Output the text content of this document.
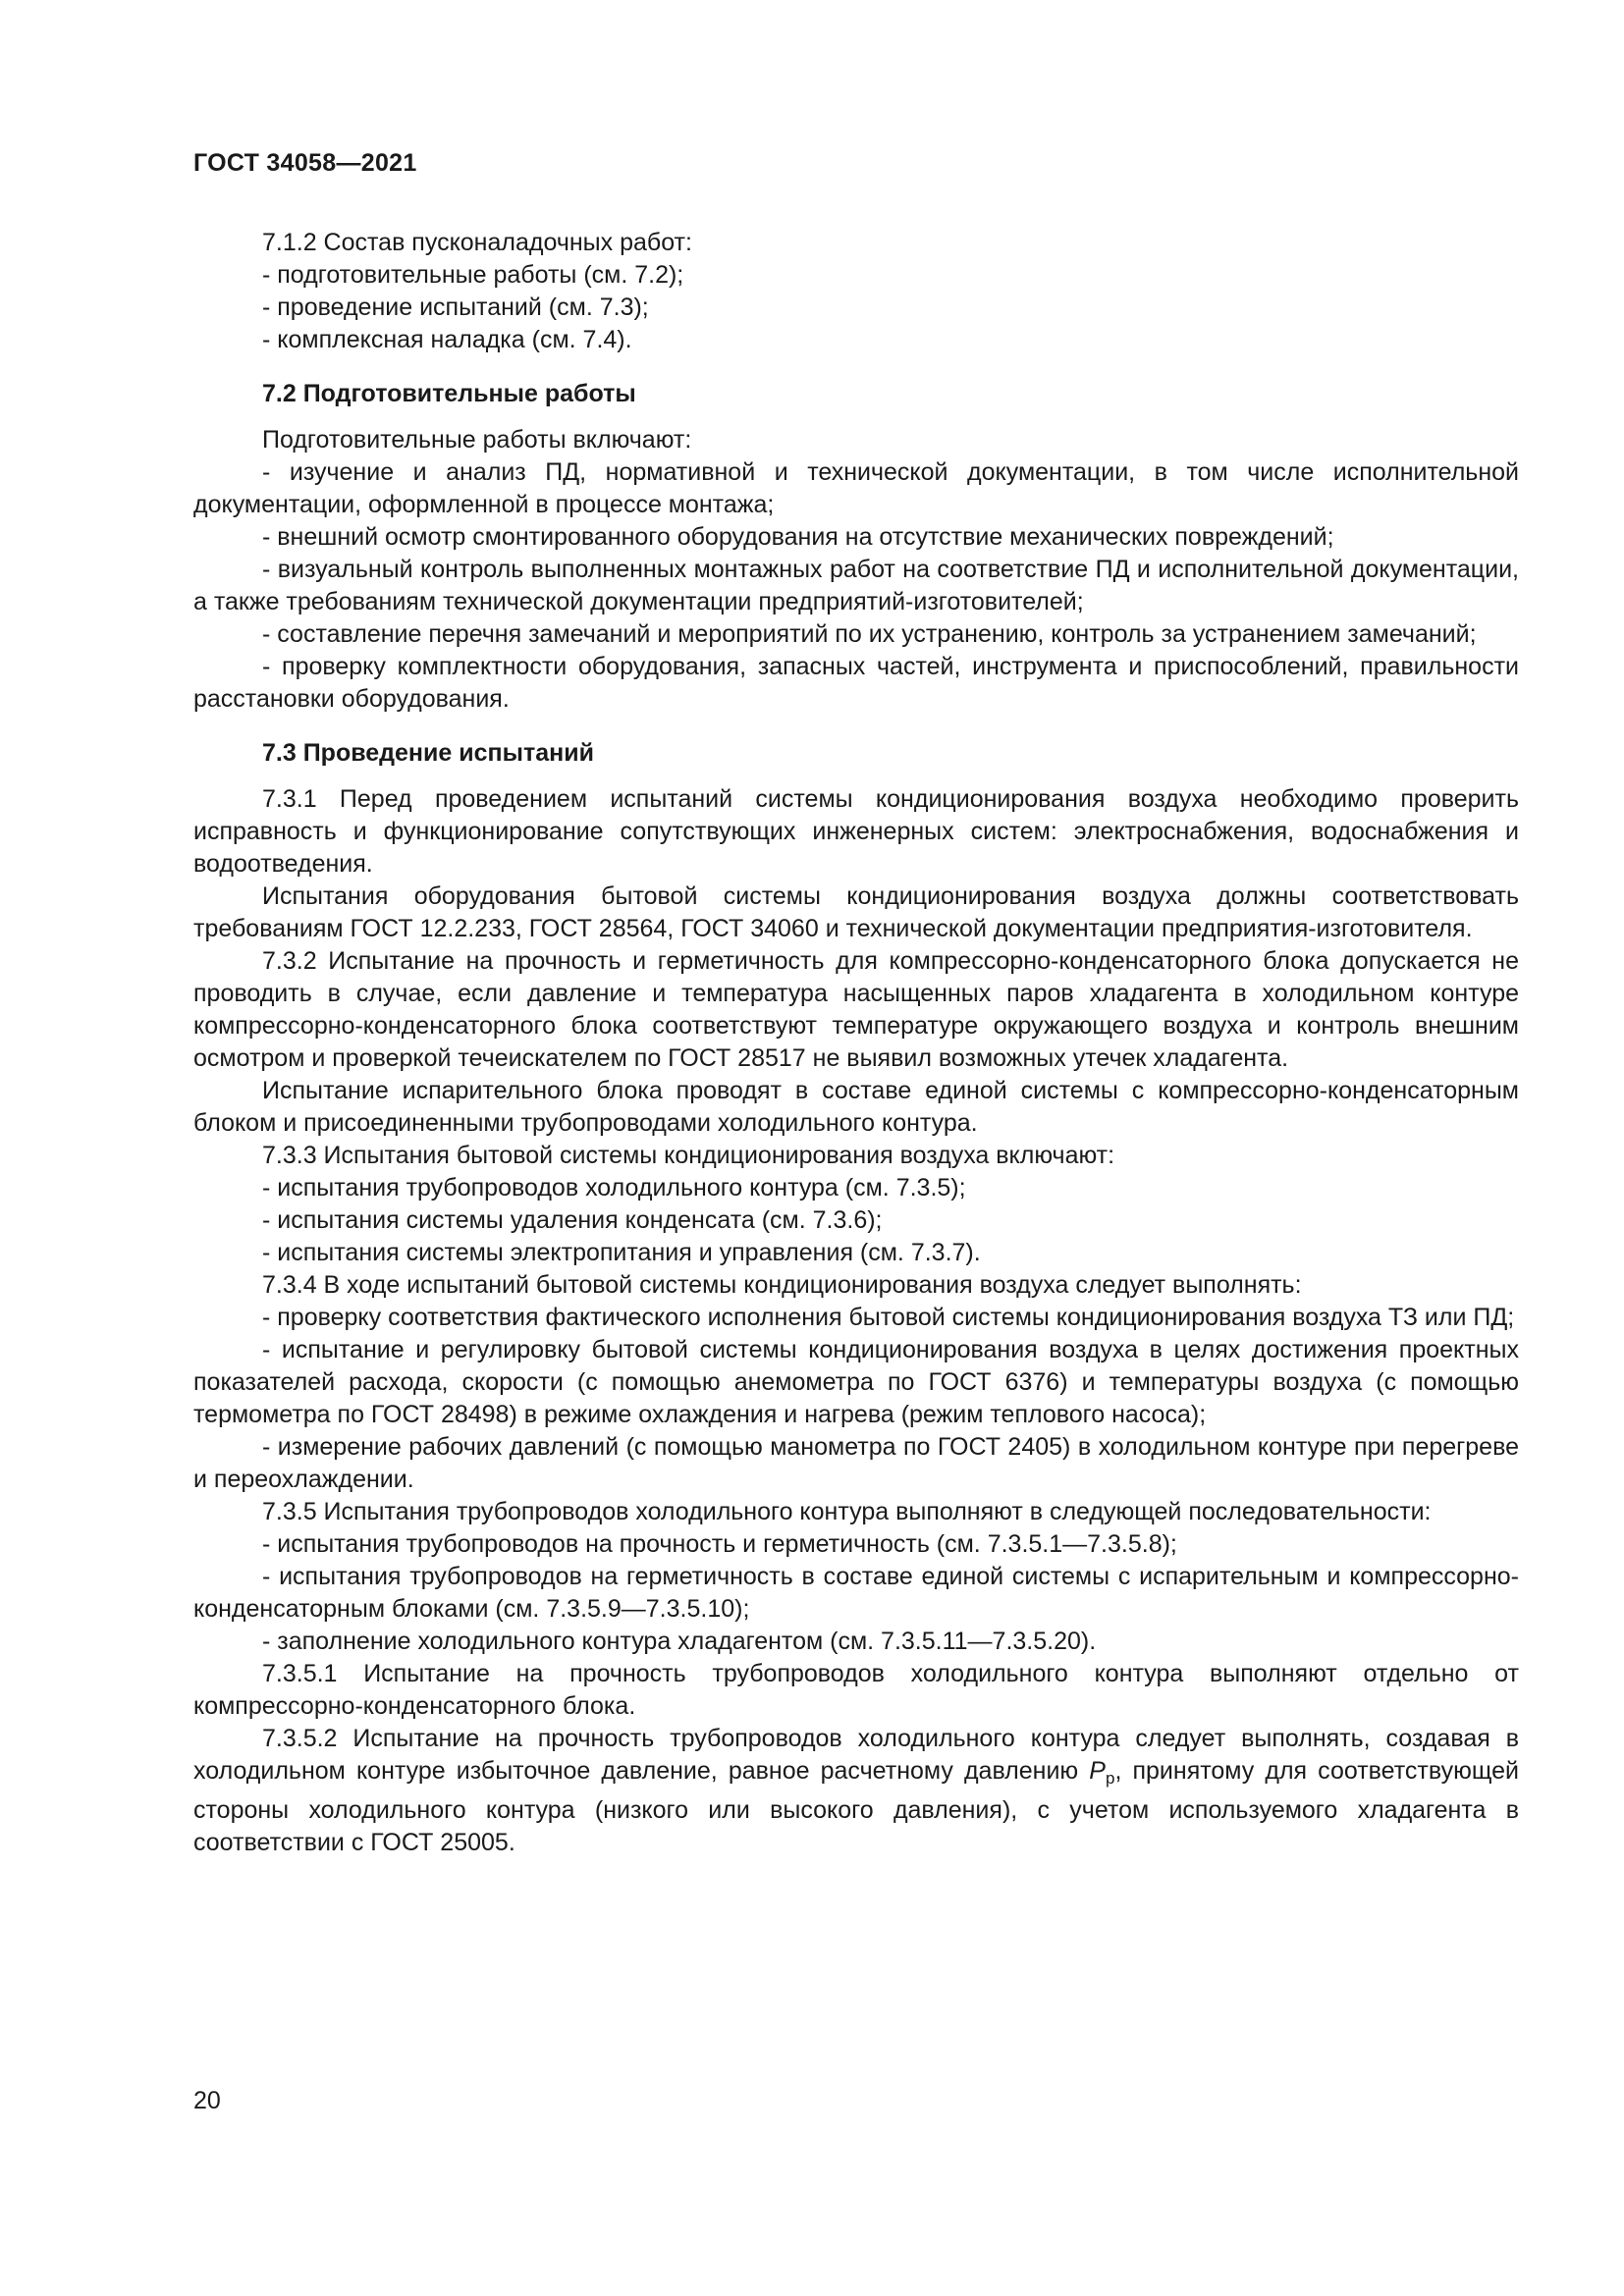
ГОСТ 34058—2021

7.1.2 Состав пусконаладочных работ:

- подготовительные работы (см. 7.2);

- проведение испытаний (см. 7.3);

- комплексная наладка (см. 7.4).

7.2 Подготовительные работы

Подготовительные работы включают:

- изучение и анализ ПД, нормативной и технической документации, в том числе исполнительной документации, оформленной в процессе монтажа;

- внешний осмотр смонтированного оборудования на отсутствие механических повреждений;

- визуальный контроль выполненных монтажных работ на соответствие ПД и исполнительной документации, а также требованиям технической документации предприятий-изготовителей;

- составление перечня замечаний и мероприятий по их устранению, контроль за устранением замечаний;

- проверку комплектности оборудования, запасных частей, инструмента и приспособлений, правильности расстановки оборудования.

7.3 Проведение испытаний

7.3.1 Перед проведением испытаний системы кондиционирования воздуха необходимо проверить исправность и функционирование сопутствующих инженерных систем: электроснабжения, водоснабжения и водоотведения.

Испытания оборудования бытовой системы кондиционирования воздуха должны соответствовать требованиям ГОСТ 12.2.233, ГОСТ 28564, ГОСТ 34060 и технической документации предприятия-изготовителя.

7.3.2 Испытание на прочность и герметичность для компрессорно-конденсаторного блока допускается не проводить в случае, если давление и температура насыщенных паров хладагента в холодильном контуре компрессорно-конденсаторного блока соответствуют температуре окружающего воздуха и контроль внешним осмотром и проверкой течеискателем по ГОСТ 28517 не выявил возможных утечек хладагента.

Испытание испарительного блока проводят в составе единой системы с компрессорно-конденсаторным блоком и присоединенными трубопроводами холодильного контура.

7.3.3 Испытания бытовой системы кондиционирования воздуха включают:

- испытания трубопроводов холодильного контура (см. 7.3.5);

- испытания системы удаления конденсата (см. 7.3.6);

- испытания системы электропитания и управления (см. 7.3.7).

7.3.4 В ходе испытаний бытовой системы кондиционирования воздуха следует выполнять:

- проверку соответствия фактического исполнения бытовой системы кондиционирования воздуха ТЗ или ПД;

- испытание и регулировку бытовой системы кондиционирования воздуха в целях достижения проектных показателей расхода, скорости (с помощью анемометра по ГОСТ 6376) и температуры воздуха (с помощью термометра по ГОСТ 28498) в режиме охлаждения и нагрева (режим теплового насоса);

- измерение рабочих давлений (с помощью манометра по ГОСТ 2405) в холодильном контуре при перегреве и переохлаждении.

7.3.5 Испытания трубопроводов холодильного контура выполняют в следующей последовательности:

- испытания трубопроводов на прочность и герметичность (см. 7.3.5.1—7.3.5.8);

- испытания трубопроводов на герметичность в составе единой системы с испарительным и компрессорно-конденсаторным блоками (см. 7.3.5.9—7.3.5.10);

- заполнение холодильного контура хладагентом (см. 7.3.5.11—7.3.5.20).

7.3.5.1 Испытание на прочность трубопроводов холодильного контура выполняют отдельно от компрессорно-конденсаторного блока.

7.3.5.2 Испытание на прочность трубопроводов холодильного контура следует выполнять, создавая в холодильном контуре избыточное давление, равное расчетному давлению $P_р$, принятому для соответствующей стороны холодильного контура (низкого или высокого давления), с учетом используемого хладагента в соответствии с ГОСТ 25005.

20
